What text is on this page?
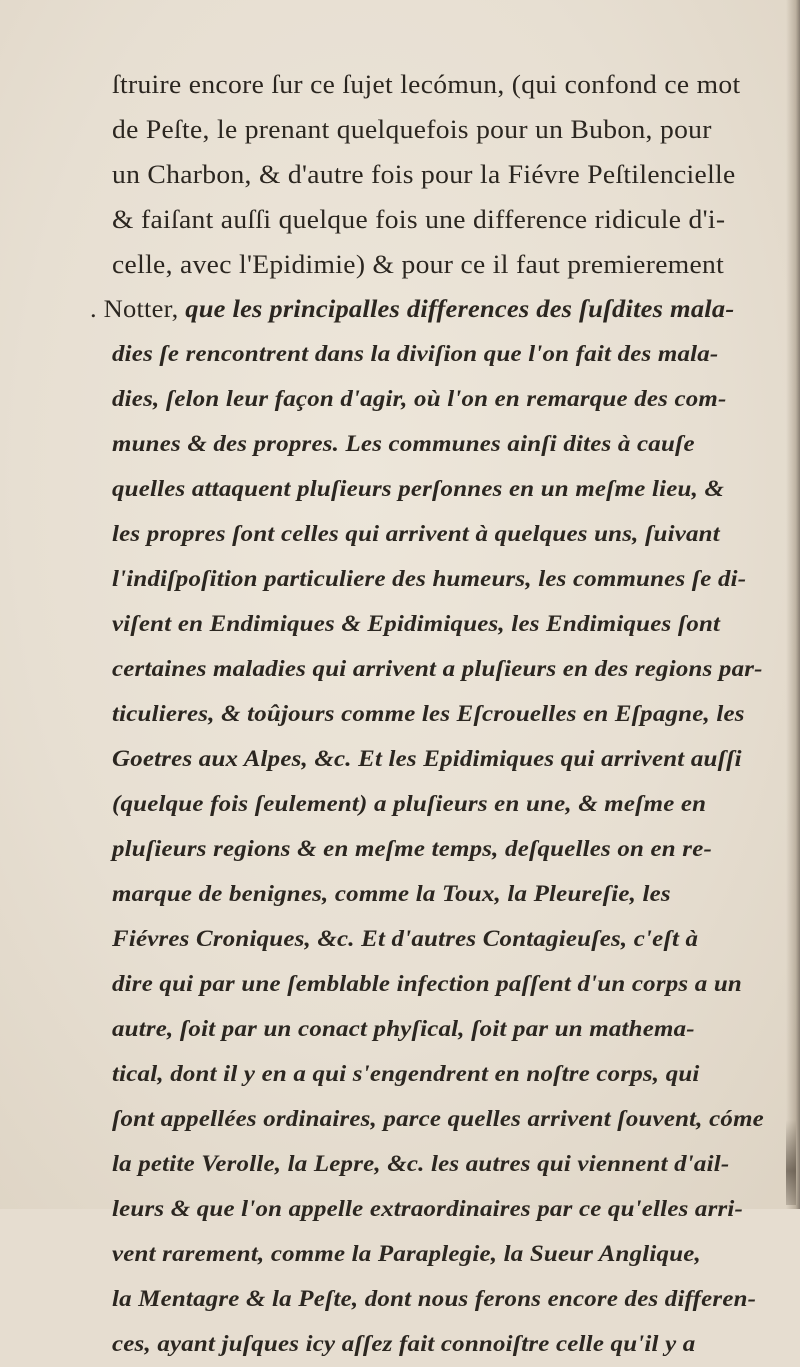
ſtruire encore ſur ce ſujet lecómun, (qui confond ce mot
de Peſte, le prenant quelquefois pour un Bubon, pour
un Charbon, & d'autre fois pour la Fiévre Peſtilencielle
& faiſant auſſi quelque fois une difference ridicule d'i-
celle, avec l'Epidimie) & pour ce il faut premierement
. Notter, que les principalles differences des ſuſdites mala-
dies ſe rencontrent dans la diviſion que l'on fait des mala-
dies, ſelon leur façon d'agir, où l'on en remarque des com-
munes & des propres. Les communes ainſi dites à cauſe
quelles attaquent pluſieurs perſonnes en un meſme lieu, &
les propres ſont celles qui arrivent à quelques uns, ſuivant
l'indiſpoſition particuliere des humeurs, les communes ſe di-
viſent en Endimiques & Epidimiques, les Endimiques ſont
certaines maladies qui arrivent a pluſieurs en des regions par-
ticulieres, & toûjours comme les Eſcrouelles en Eſpagne, les
Goetres aux Alpes, &c. Et les Epidimiques qui arrivent auſſi
(quelque fois ſeulement) a pluſieurs en une, & meſme en
pluſieurs regions & en meſme temps, deſquelles on en re-
marque de benignes, comme la Toux, la Pleureſie, les
Fiévres Croniques, &c. Et d'autres Contagieuſes, c'eſt à
dire qui par une ſemblable infection paſſent d'un corps a un
autre, ſoit par un conact phyſical, ſoit par un mathema-
tical, dont il y en a qui s'engendrent en noſtre corps, qui
ſont appellées ordinaires, parce quelles arrivent ſouvent, cóme
la petite Verolle, la Lepre, &c. les autres qui viennent d'ail-
leurs & que l'on appelle extraordinaires par ce qu'elles arri-
vent rarement, comme la Paraplegie, la Sueur Anglique,
la Mentagre & la Peſte, dont nous ferons encore des differen-
ces, ayant juſques icy aſſez fait connoiſtre celle qu'il y a
